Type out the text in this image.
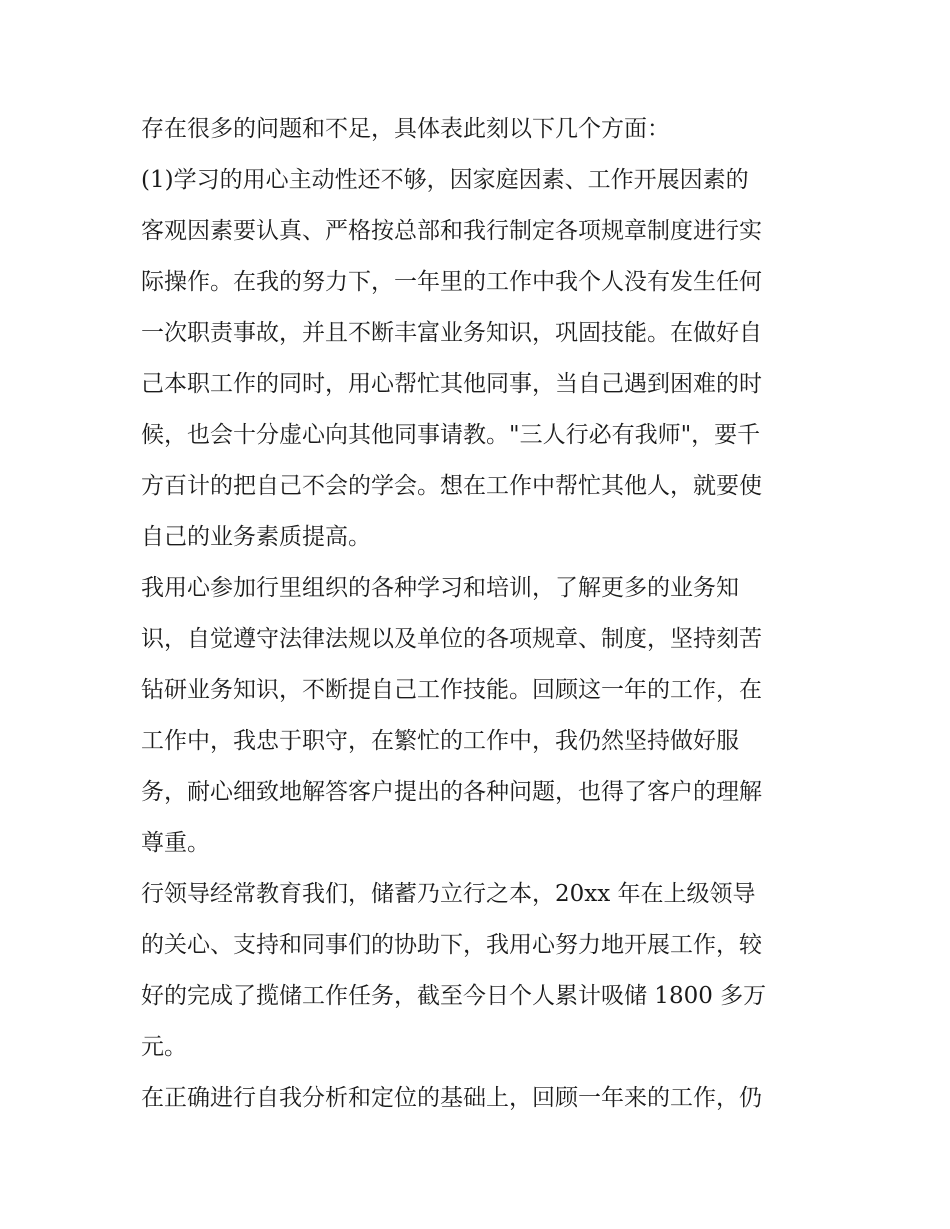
存在很多的问题和不足，具体表此刻以下几个方面：

(1)学习的用心主动性还不够，因家庭因素、工作开展因素的

客观因素要认真、严格按总部和我行制定各项规章制度进行实

际操作。在我的努力下，一年里的工作中我个人没有发生任何

一次职责事故，并且不断丰富业务知识，巩固技能。在做好自

己本职工作的同时，用心帮忙其他同事，当自己遇到困难的时

候，也会十分虚心向其他同事请教。"三人行必有我师"，要千

方百计的把自己不会的学会。想在工作中帮忙其他人，就要使

自己的业务素质提高。

我用心参加行里组织的各种学习和培训，了解更多的业务知

识，自觉遵守法律法规以及单位的各项规章、制度，坚持刻苦

钻研业务知识，不断提自己工作技能。回顾这一年的工作，在

工作中，我忠于职守，在繁忙的工作中，我仍然坚持做好服

务，耐心细致地解答客户提出的各种问题，也得了客户的理解

尊重。

行领导经常教育我们，储蓄乃立行之本，20xx 年在上级领导

的关心、支持和同事们的协助下，我用心努力地开展工作，较

好的完成了揽储工作任务，截至今日个人累计吸储 1800 多万

元。

在正确进行自我分析和定位的基础上，回顾一年来的工作，仍
